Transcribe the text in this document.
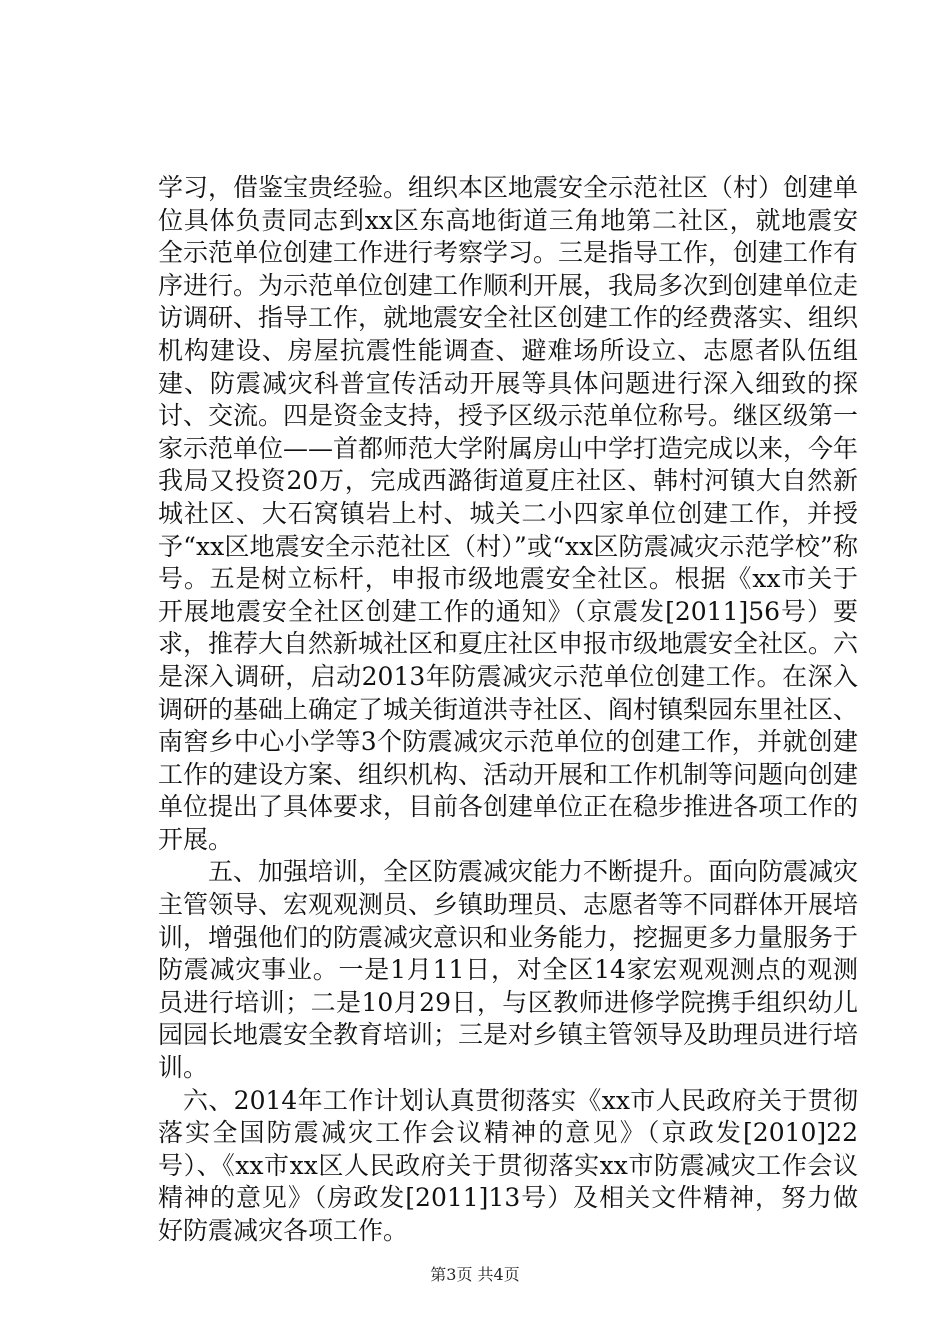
学习，借鉴宝贵经验。组织本区地震安全示范社区（村）创建单位具体负责同志到xx区东高地街道三角地第二社区，就地震安全示范单位创建工作进行考察学习。三是指导工作，创建工作有序进行。为示范单位创建工作顺利开展，我局多次到创建单位走访调研、指导工作，就地震安全社区创建工作的经费落实、组织机构建设、房屋抗震性能调查、避难场所设立、志愿者队伍组建、防震减灾科普宣传活动开展等具体问题进行深入细致的探讨、交流。四是资金支持，授予区级示范单位称号。继区级第一家示范单位——首都师范大学附属房山中学打造完成以来，今年我局又投资20万，完成西潞街道夏庄社区、韩村河镇大自然新城社区、大石窝镇岩上村、城关二小四家单位创建工作，并授予“xx区地震安全示范社区（村）”或“xx区防震减灾示范学校”称号。五是树立标杆，申报市级地震安全社区。根据《xx市关于开展地震安全社区创建工作的通知》（京震发[2011]56号）要求，推荐大自然新城社区和夏庄社区申报市级地震安全社区。六是深入调研，启动2013年防震减灾示范单位创建工作。在深入调研的基础上确定了城关街道洪寺社区、阎村镇梨园东里社区、南窖乡中心小学等3个防震减灾示范单位的创建工作，并就创建工作的建设方案、组织机构、活动开展和工作机制等问题向创建单位提出了具体要求，目前各创建单位正在稳步推进各项工作的开展。

五、加强培训，全区防震减灾能力不断提升。面向防震减灾主管领导、宏观观测员、乡镇助理员、志愿者等不同群体开展培训，增强他们的防震减灾意识和业务能力，挖掘更多力量服务于防震减灾事业。一是1月11日，对全区14家宏观观测点的观测员进行培训；二是10月29日，与区教师进修学院携手组织幼儿园园长地震安全教育培训；三是对乡镇主管领导及助理员进行培训。

六、2014年工作计划认真贯彻落实《xx市人民政府关于贯彻落实全国防震减灾工作会议精神的意见》（京政发[2010]22号）、《xx市xx区人民政府关于贯彻落实xx市防震减灾工作会议精神的意见》（房政发[2011]13号）及相关文件精神，努力做好防震减灾各项工作。

第3页 共4页
